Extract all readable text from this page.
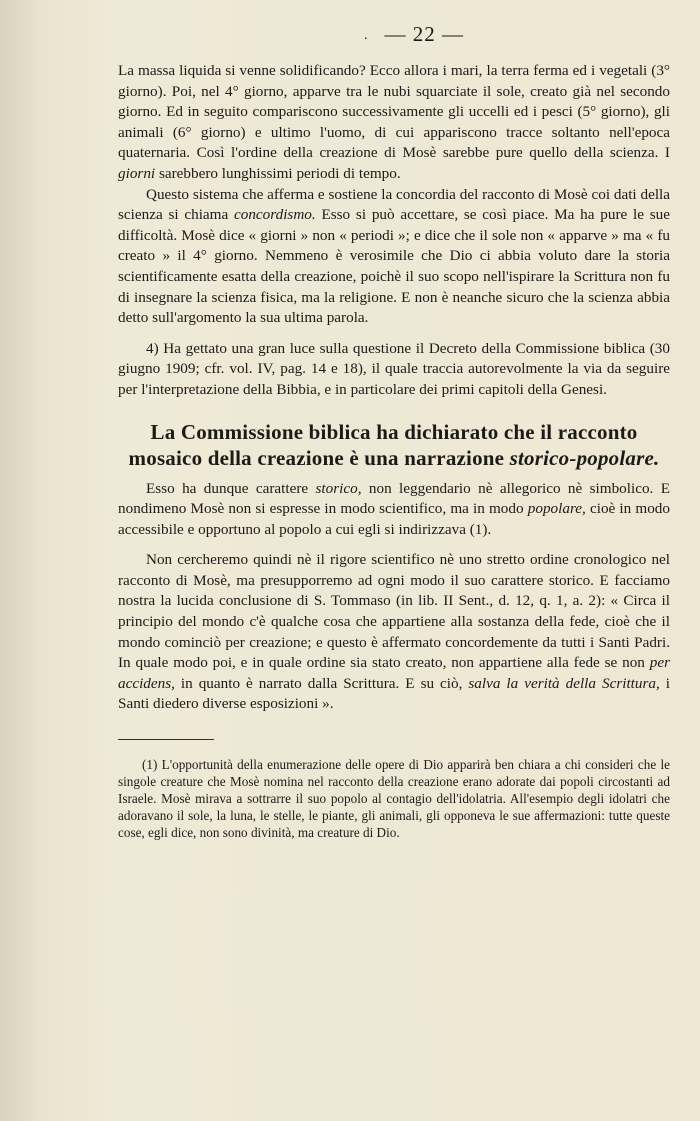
. — 22 —

La massa liquida si venne solidificando? Ecco allora i mari, la terra ferma ed i vegetali (3° giorno). Poi, nel 4° giorno, apparve tra le nubi squarciate il sole, creato già nel secondo giorno. Ed in seguito compariscono successivamente gli uccelli ed i pesci (5° giorno), gli animali (6° giorno) e ultimo l'uomo, di cui appariscono tracce soltanto nell'epoca quaternaria. Così l'ordine della creazione di Mosè sarebbe pure quello della scienza. I giorni sarebbero lunghissimi periodi di tempo.

Questo sistema che afferma e sostiene la concordia del racconto di Mosè coi dati della scienza si chiama concordismo. Esso si può accettare, se così piace. Ma ha pure le sue difficoltà. Mosè dice « giorni » non « periodi »; e dice che il sole non « apparve » ma « fu creato » il 4° giorno. Nemmeno è verosimile che Dio ci abbia voluto dare la storia scientificamente esatta della creazione, poichè il suo scopo nell'ispirare la Scrittura non fu di insegnare la scienza fisica, ma la religione. E non è neanche sicuro che la scienza abbia detto sull'argomento la sua ultima parola.

4) Ha gettato una gran luce sulla questione il Decreto della Commissione biblica (30 giugno 1909; cfr. vol. IV, pag. 14 e 18), il quale traccia autorevolmente la via da seguire per l'interpretazione della Bibbia, e in particolare dei primi capitoli della Genesi.

La Commissione biblica ha dichiarato che il racconto mosaico della creazione è una narrazione storico-popolare.

Esso ha dunque carattere storico, non leggendario nè allegorico nè simbolico. E nondimeno Mosè non si espresse in modo scientifico, ma in modo popolare, cioè in modo accessibile e opportuno al popolo a cui egli si indirizzava (1).

Non cercheremo quindi nè il rigore scientifico nè uno stretto ordine cronologico nel racconto di Mosè, ma presupporremo ad ogni modo il suo carattere storico. E facciamo nostra la lucida conclusione di S. Tommaso (in lib. II Sent., d. 12, q. 1, a. 2): « Circa il principio del mondo c'è qualche cosa che appartiene alla sostanza della fede, cioè che il mondo cominciò per creazione; e questo è affermato concordemente da tutti i Santi Padri. In quale modo poi, e in quale ordine sia stato creato, non appartiene alla fede se non per accidens, in quanto è narrato dalla Scrittura. E su ciò, salva la verità della Scrittura, i Santi diedero diverse esposizioni ».

(1) L'opportunità della enumerazione delle opere di Dio apparirà ben chiara a chi consideri che le singole creature che Mosè nomina nel racconto della creazione erano adorate dai popoli circostanti ad Israele. Mosè mirava a sottrarre il suo popolo al contagio dell'idolatria. All'esempio degli idolatri che adoravano il sole, la luna, le stelle, le piante, gli animali, gli opponeva le sue affermazioni: tutte queste cose, egli dice, non sono divinità, ma creature di Dio.
